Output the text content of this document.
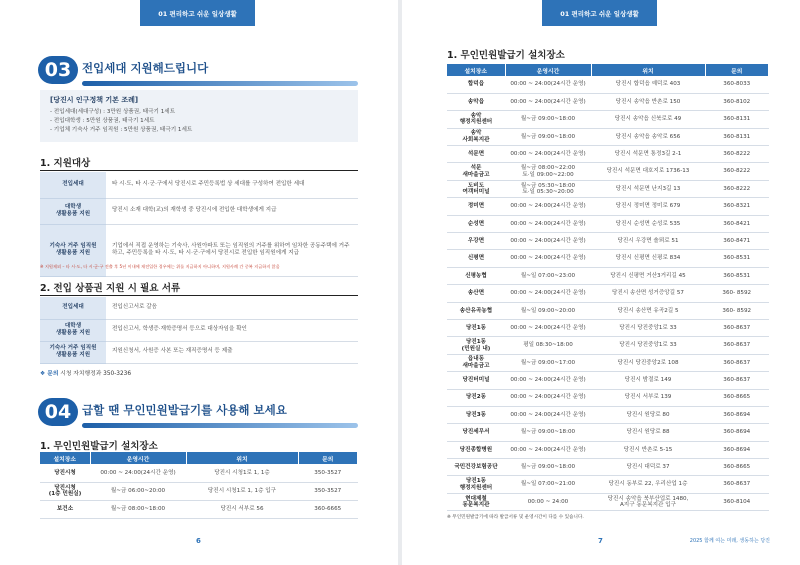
01 편리하고 쉬운 일상생활
03 전입세대 지원해드립니다
[당진시 인구정책 기본 조례]
- 전입세대(세대구성) : 3만원 상품권, 태극기 1세트
- 전입대학생 : 5만원 상품권, 태극기 1세트
- 기업체 기숙사 거주 임직원 : 5만원 상품권, 태극기 1세트
1. 지원대상
전입세대	타 시·도, 타 시·군·구에서 당진시로 주민등록법 상 세대를 구성하여 전입한 세대
대학생
생활용품 지원	당진시 소재 대학(교)의 재학생 중 당진시에 전입한 대학생에게 지급
기숙사 거주 임직원
생활용품 지원	기업에서 직접 운영하는 기숙사, 사원아파트 또는 임직원의 거주를 위하여 임차한 공동주택에 거주하고, 주민등록을 타 시·도, 타 시·군·구에서 당진시로 전입한 임직원에게 지급
※ 지원제외 – 타 시·도, 타 시·군·구 전출 후 5년 이내에 재전입한 경우에는 위를 지급하지 아니하며, 지원사례 간 중복 지급하지 않음
2. 전입 상품권 지원 시 필요 서류
전입세대	전입신고서로 갈음
대학생
생활용품 지원	전입신고서, 학생증·재학증명서 등으로 대상자임을 확인
기숙사 거주 임직원
생활용품 지원	지원신청서, 사원증 사본 또는 재직증명서 등 제출
❖ 문의 시청 자치행정과 350-3236
04 급할 땐 무인민원발급기를 사용해 보세요
1. 무인민원발급기 설치장소
설치장소	운영시간	위치	문의
당진시청	00:00 ~ 24:00(24시간 운영)	당진시 시청1로 1, 1층	350-3527
당진시청
(1층 민원실)	월~금 06:00~20:00	당진시 시청1로 1, 1층 입구	350-3527
보건소	월~금 08:00~18:00	당진시 서부로 56	360-6665
6
01 편리하고 쉬운 일상생활
1. 무인민원발급기 설치장소
설치장소	운영시간	위치	문의
합덕읍	00:00 ~ 24:00(24시간 운영)	당진시 합덕읍 예덕로 403	360-8033
송악읍	00:00 ~ 24:00(24시간 운영)	당진시 송악읍 반촌로 150	360-8102
송악
행정지원센터	월~금 09:00~18:00	당진시 송악읍 신북로로 49	360-8131
송악
사회복지관	월~금 09:00~18:00	당진시 송악읍 송악로 656	360-8131
석문면	00:00 ~ 24:00(24시간 운영)	당진시 석문면 통정3길 2-1	360-8222
석문
새마을금고	월~금 08:00~22:00
토·일 09:00~22:00	당진시 석문면 대호지로 1736-13	360-8222
도비도
여객터미널	월~금 05:30~18:00
토·일 05:30~20:00	당진시 석문면 난지3길 13	360-8222
정미면	00:00 ~ 24:00(24시간 운영)	당진시 정미면 정미로 679	360-8321
순성면	00:00 ~ 24:00(24시간 운영)	당진시 순성면 순성로 535	360-8421
우강면	00:00 ~ 24:00(24시간 운영)	당진시 우강면 솔뫼로 51	360-8471
신평면	00:00 ~ 24:00(24시간 운영)	당진시 신평면 신평로 834	360-8531
신평농협	월~일 07:00~23:00	당진시 신평면 거산3거리길 45	360-8531
송산면	00:00 ~ 24:00(24시간 운영)	당진시 송산면 성거증앙길 57	360- 8592
송산유곡농협	월~일 09:00~20:00	당진시 송산면 유곡2길 5	360- 8592
당진1동	00:00 ~ 24:00(24시간 운영)	당진시 당진중앙1로 33	360-8637
당진1동
(민원실 내)	평일 08:30~18:00	당진시 당진중앙1로 33	360-8637
읍내동
새마을금고	월~금 09:00~17:00	당진시 당진중앙2로 108	360-8637
당진터미널	00:00 ~ 24:00(24시간 운영)	당진시 밤절로 149	360-8637
당진2동	00:00 ~ 24:00(24시간 운영)	당진시 서부로 139	360-8665
당진3동	00:00 ~ 24:00(24시간 운영)	당진시 원당로 80	360-8694
당진세무서	월~금 09:00~18:00	당진시 원당로 88	360-8694
당진종합병원	00:00 ~ 24:00(24시간 운영)	당진시 반촌로 5-15	360-8694
국민건강보험공단	월~금 09:00~18:00	당진시 대덕로 37	360-8665
당진1동
행정지원센터	월~일 07:00~21:00	당진시 동부로 22, 우리산업 1층	360-8637
현대제철
동문복지관	00:00 ~ 24:00	당진시 송악읍 북부산업로 1480,
A지구 동문복지관 입구	360-8104
※ 무인민원발급기에 따라 발급서류 및 운영시간이 다를 수 있습니다.
7	2025 함께 여는 미래, 생동하는 당진
